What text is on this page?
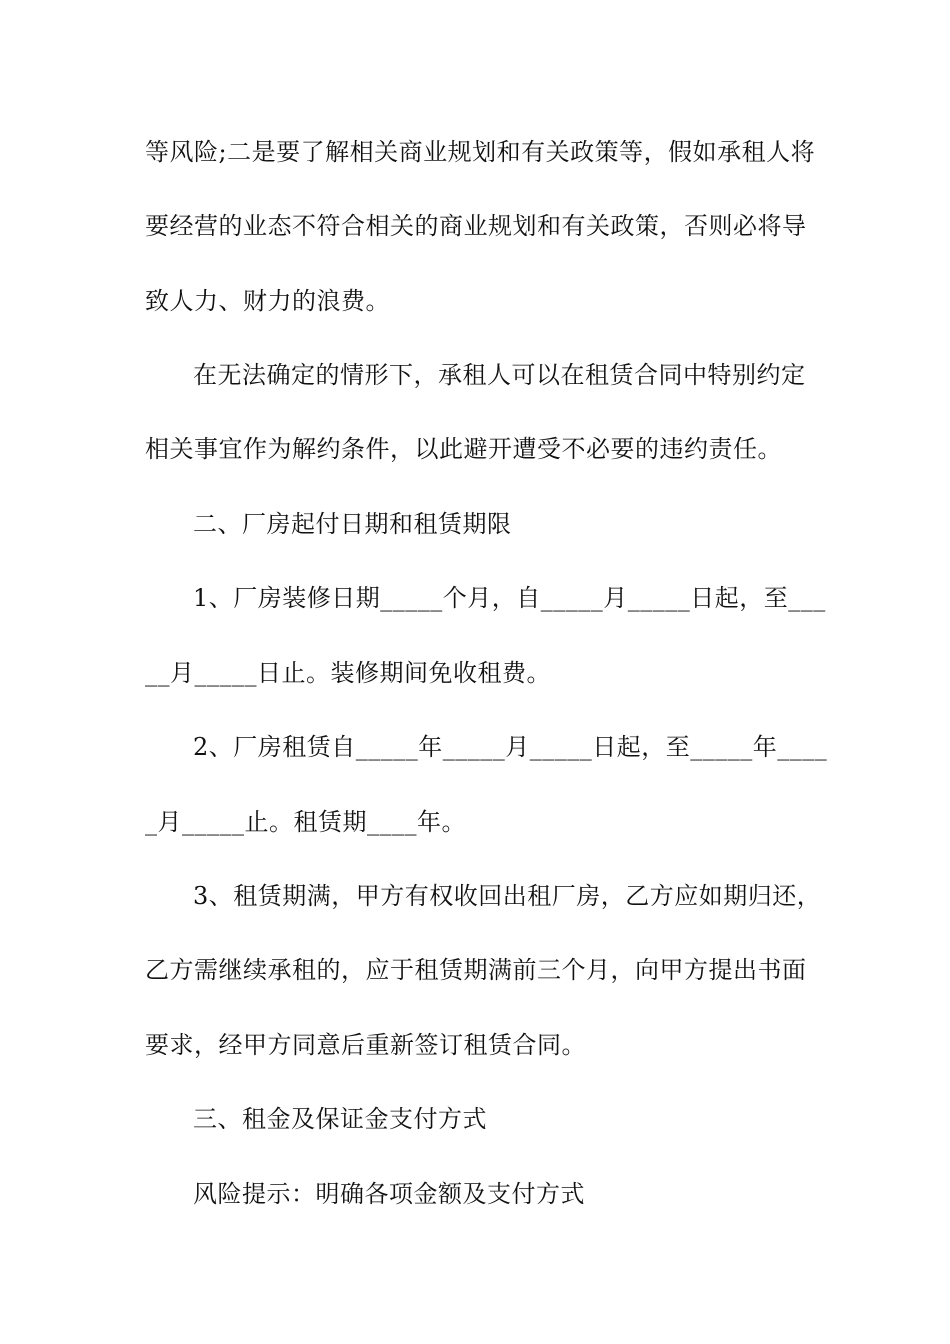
等风险;二是要了解相关商业规划和有关政策等，假如承租人将
要经营的业态不符合相关的商业规划和有关政策，否则必将导
致人力、财力的浪费。
在无法确定的情形下，承租人可以在租赁合同中特别约定
相关事宜作为解约条件，以此避开遭受不必要的违约责任。
二、厂房起付日期和租赁期限
1、厂房装修日期_____个月，自_____月_____日起，至___
__月_____日止。装修期间免收租费。
2、厂房租赁自_____年_____月_____日起，至_____年____
_月_____止。租赁期____年。
3、租赁期满，甲方有权收回出租厂房，乙方应如期归还，
乙方需继续承租的，应于租赁期满前三个月，向甲方提出书面
要求，经甲方同意后重新签订租赁合同。
三、租金及保证金支付方式
风险提示：明确各项金额及支付方式
